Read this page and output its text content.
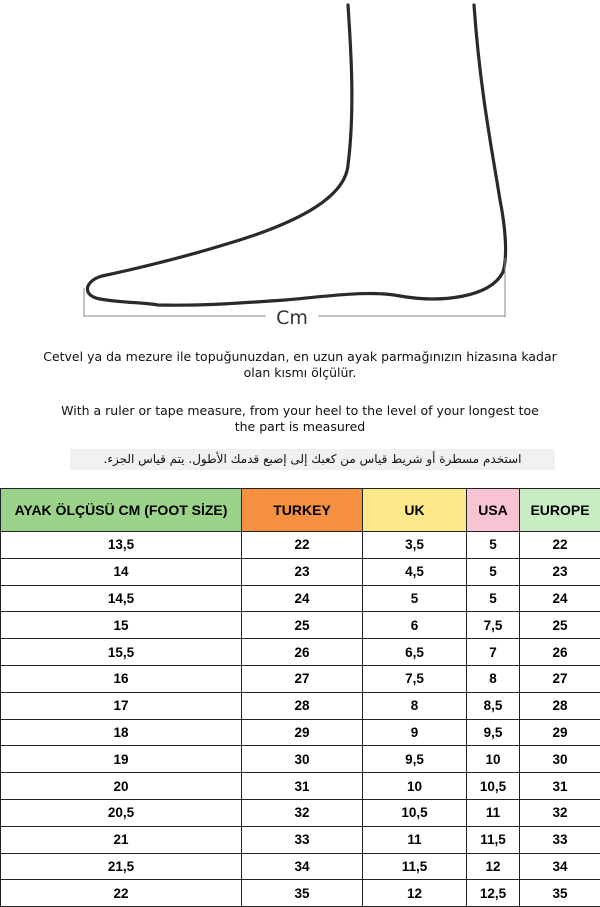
Cm
Cetvel ya da mezure ile topuğunuzdan, en uzun ayak parmağınızın hizasına kadar
olan kısmı ölçülür.
With a ruler or tape measure, from your heel to the level of your longest toe
the part is measured
استخدم مسطرة أو شريط قياس من كعبك إلى إصبع قدمك الأطول. يتم قياس الجزء.
AYAK ÖLÇÜSÜ CM (FOOT SİZE)	TURKEY	UK	USA	EUROPE
13,5	22	3,5	5	22
14	23	4,5	5	23
14,5	24	5	5	24
15	25	6	7,5	25
15,5	26	6,5	7	26
16	27	7,5	8	27
17	28	8	8,5	28
18	29	9	9,5	29
19	30	9,5	10	30
20	31	10	10,5	31
20,5	32	10,5	11	32
21	33	11	11,5	33
21,5	34	11,5	12	34
22	35	12	12,5	35
